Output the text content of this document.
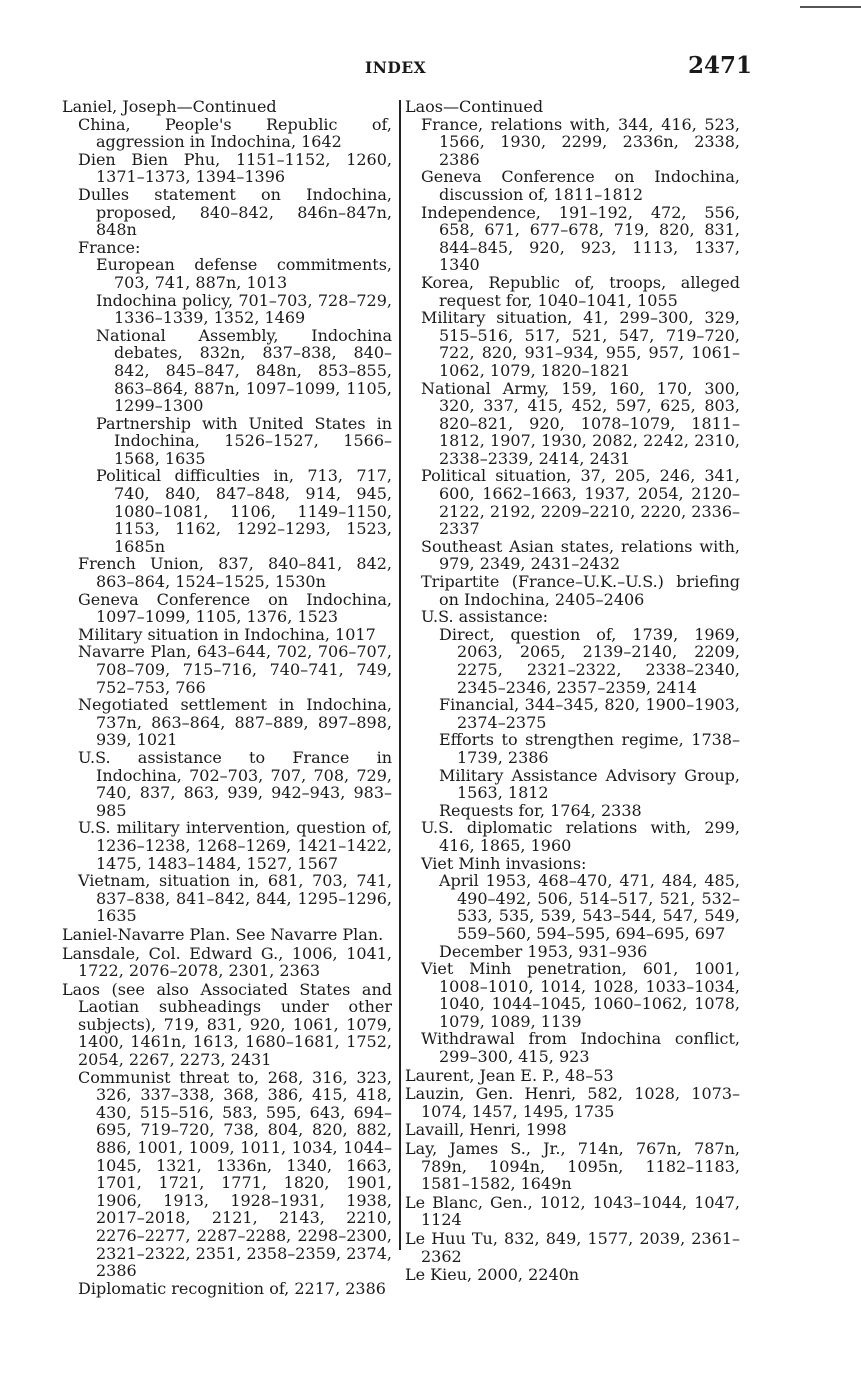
INDEX	2471

Laniel, Joseph—Continued

China, People's Republic of, aggression in Indochina, 1642

Dien Bien Phu, 1151–1152, 1260, 1371–1373, 1394–1396

Dulles statement on Indochina, proposed, 840–842, 846n–847n, 848n

France:

European defense commitments, 703, 741, 887n, 1013

Indochina policy, 701–703, 728–729, 1336–1339, 1352, 1469

National Assembly, Indochina debates, 832n, 837–838, 840–842, 845–847, 848n, 853–855, 863–864, 887n, 1097–1099, 1105, 1299–1300

Partnership with United States in Indochina, 1526–1527, 1566–1568, 1635

Political difficulties in, 713, 717, 740, 840, 847–848, 914, 945, 1080–1081, 1106, 1149–1150, 1153, 1162, 1292–1293, 1523, 1685n

French Union, 837, 840–841, 842, 863–864, 1524–1525, 1530n

Geneva Conference on Indochina, 1097–1099, 1105, 1376, 1523

Military situation in Indochina, 1017

Navarre Plan, 643–644, 702, 706–707, 708–709, 715–716, 740–741, 749, 752–753, 766

Negotiated settlement in Indochina, 737n, 863–864, 887–889, 897–898, 939, 1021

U.S. assistance to France in Indochina, 702–703, 707, 708, 729, 740, 837, 863, 939, 942–943, 983–985

U.S. military intervention, question of, 1236–1238, 1268–1269, 1421–1422, 1475, 1483–1484, 1527, 1567

Vietnam, situation in, 681, 703, 741, 837–838, 841–842, 844, 1295–1296, 1635

Laniel-Navarre Plan. See Navarre Plan.

Lansdale, Col. Edward G., 1006, 1041, 1722, 2076–2078, 2301, 2363

Laos (see also Associated States and Laotian subheadings under other subjects), 719, 831, 920, 1061, 1079, 1400, 1461n, 1613, 1680–1681, 1752, 2054, 2267, 2273, 2431

Communist threat to, 268, 316, 323, 326, 337–338, 368, 386, 415, 418, 430, 515–516, 583, 595, 643, 694–695, 719–720, 738, 804, 820, 882, 886, 1001, 1009, 1011, 1034, 1044–1045, 1321, 1336n, 1340, 1663, 1701, 1721, 1771, 1820, 1901, 1906, 1913, 1928–1931, 1938, 2017–2018, 2121, 2143, 2210, 2276–2277, 2287–2288, 2298–2300, 2321–2322, 2351, 2358–2359, 2374, 2386

Diplomatic recognition of, 2217, 2386

Laos—Continued

France, relations with, 344, 416, 523, 1566, 1930, 2299, 2336n, 2338, 2386

Geneva Conference on Indochina, discussion of, 1811–1812

Independence, 191–192, 472, 556, 658, 671, 677–678, 719, 820, 831, 844–845, 920, 923, 1113, 1337, 1340

Korea, Republic of, troops, alleged request for, 1040–1041, 1055

Military situation, 41, 299–300, 329, 515–516, 517, 521, 547, 719–720, 722, 820, 931–934, 955, 957, 1061–1062, 1079, 1820–1821

National Army, 159, 160, 170, 300, 320, 337, 415, 452, 597, 625, 803, 820–821, 920, 1078–1079, 1811–1812, 1907, 1930, 2082, 2242, 2310, 2338–2339, 2414, 2431

Political situation, 37, 205, 246, 341, 600, 1662–1663, 1937, 2054, 2120–2122, 2192, 2209–2210, 2220, 2336–2337

Southeast Asian states, relations with, 979, 2349, 2431–2432

Tripartite (France–U.K.–U.S.) briefing on Indochina, 2405–2406

U.S. assistance:

Direct, question of, 1739, 1969, 2063, 2065, 2139–2140, 2209, 2275, 2321–2322, 2338–2340, 2345–2346, 2357–2359, 2414

Financial, 344–345, 820, 1900–1903, 2374–2375

Efforts to strengthen regime, 1738–1739, 2386

Military Assistance Advisory Group, 1563, 1812

Requests for, 1764, 2338

U.S. diplomatic relations with, 299, 416, 1865, 1960

Viet Minh invasions:

April 1953, 468–470, 471, 484, 485, 490–492, 506, 514–517, 521, 532–533, 535, 539, 543–544, 547, 549, 559–560, 594–595, 694–695, 697

December 1953, 931–936

Viet Minh penetration, 601, 1001, 1008–1010, 1014, 1028, 1033–1034, 1040, 1044–1045, 1060–1062, 1078, 1079, 1089, 1139

Withdrawal from Indochina conflict, 299–300, 415, 923

Laurent, Jean E. P., 48–53

Lauzin, Gen. Henri, 582, 1028, 1073–1074, 1457, 1495, 1735

Lavaill, Henri, 1998

Lay, James S., Jr., 714n, 767n, 787n, 789n, 1094n, 1095n, 1182–1183, 1581–1582, 1649n

Le Blanc, Gen., 1012, 1043–1044, 1047, 1124

Le Huu Tu, 832, 849, 1577, 2039, 2361–2362

Le Kieu, 2000, 2240n
